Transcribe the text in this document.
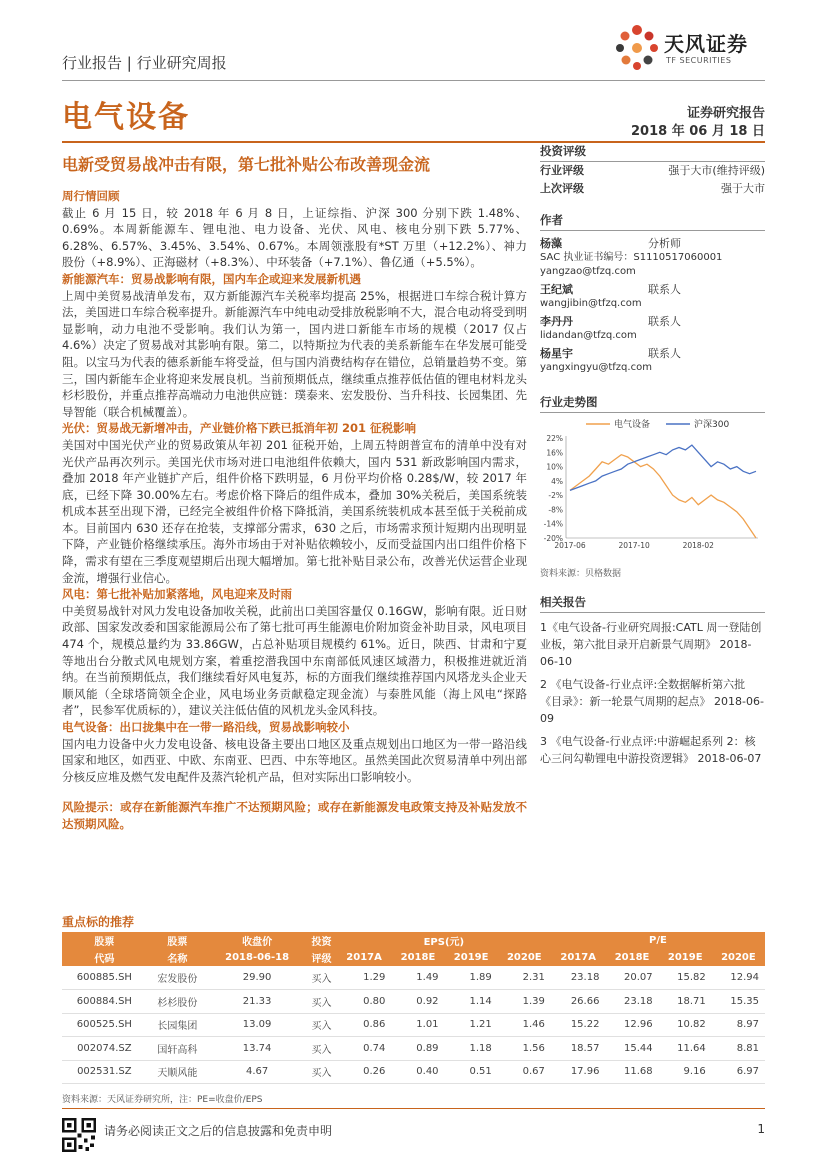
行业报告 | 行业研究周报
天风证券
TF SECURITIES
电气设备	证券研究报告
2018 年 06 月 18 日
电新受贸易战冲击有限，第七批补贴公布改善现金流

周行情回顾

截止 6 月 15 日，较 2018 年 6 月 8 日，上证综指、沪深 300 分别下跌 1.48%、0.69%。本周新能源车、锂电池、电力设备、光伏、风电、核电分别下跌 5.77%、6.28%、6.57%、3.45%、3.54%、0.67%。本周领涨股有*ST 万里（+12.2%）、神力股份（+8.9%）、正海磁材（+8.3%）、中环装备（+7.1%）、鲁亿通（+5.5%）。

新能源汽车：贸易战影响有限，国内车企或迎来发展新机遇

上周中美贸易战清单发布，双方新能源汽车关税率均提高 25%，根据进口车综合税计算方法，美国进口车综合税率提升。新能源汽车中纯电动受排放税影响不大，混合电动将受到明显影响，动力电池不受影响。我们认为第一，国内进口新能车市场的规模（2017 仅占 4.6%）决定了贸易战对其影响有限。第二，以特斯拉为代表的美系新能车在华发展可能受阻。以宝马为代表的德系新能车将受益，但与国内消费结构存在错位，总销量趋势不变。第三，国内新能车企业将迎来发展良机。当前预期低点，继续重点推荐低估值的锂电材料龙头杉杉股份，并重点推荐高端动力电池供应链：璞泰来、宏发股份、当升科技、长园集团、先导智能（联合机械覆盖）。

光伏：贸易战无新增冲击，产业链价格下跌已抵消年初 201 征税影响

美国对中国光伏产业的贸易政策从年初 201 征税开始，上周五特朗普宣布的清单中没有对光伏产品再次列示。美国光伏市场对进口电池组件依赖大，国内 531 新政影响国内需求，叠加 2018 年产业链扩产后，组件价格下跌明显，6 月份平均价格 0.28$/W，较 2017 年底，已经下降 30.00%左右。考虑价格下降后的组件成本，叠加 30%关税后，美国系统装机成本甚至出现下滑，已经完全被组件价格下降抵消，美国系统装机成本甚至低于关税前成本。目前国内 630 还存在抢装，支撑部分需求，630 之后，市场需求预计短期内出现明显下降，产业链价格继续承压。海外市场由于对补贴依赖较小，反而受益国内出口组件价格下降，需求有望在三季度观望期后出现大幅增加。第七批补贴目录公布，改善光伏运营企业现金流，增强行业信心。

风电：第七批补贴加紧落地，风电迎来及时雨

中美贸易战针对风力发电设备加收关税，此前出口美国容量仅 0.16GW，影响有限。近日财政部、国家发改委和国家能源局公布了第七批可再生能源电价附加资金补助目录，风电项目 474 个，规模总量约为 33.86GW，占总补贴项目规模约 61%。近日，陕西、甘肃和宁夏等地出台分散式风电规划方案，着重挖潜我国中东南部低风速区域潜力，积极推进就近消纳。在当前预期低点，我们继续看好风电复苏，标的方面我们继续推荐国内风塔龙头企业天顺风能（全球塔筒领全企业，风电场业务贡献稳定现金流）与泰胜风能（海上风电“探路者”，民参军优质标的），建议关注低估值的风机龙头金风科技。

电气设备：出口拢集中在一带一路沿线，贸易战影响较小

国内电力设备中火力发电设备、核电设备主要出口地区及重点规划出口地区为一带一路沿线国家和地区，如西亚、中欧、东南亚、巴西、中东等地区。虽然美国此次贸易清单中列出部分核反应堆及燃气发电配件及蒸汽轮机产品，但对实际出口影响较小。

风险提示：或存在新能源汽车推广不达预期风险；或存在新能源发电政策支持及补贴发放不达预期风险。

投资评级
行业评级	强于大市(维持评级)
上次评级	强于大市
作者
杨藻	分析师
SAC 执业证书编号：S1110517060001
yangzao@tfzq.com
王纪斌	联系人
wangjibin@tfzq.com
李丹丹	联系人
lidandan@tfzq.com
杨星宇	联系人
yangxingyu@tfzq.com
行业走势图
电气设备	沪深300
22%
16%
10%
4%
-2%
-8%
-14%
-20%
2017-06	2017-10	2018-02
资料来源：贝格数据
相关报告
1《电气设备-行业研究周报:CATL 周一登陆创业板，第六批目录开启新景气周期》 2018-06-10
2 《电气设备-行业点评:全数据解析第六批《目录》：新一轮景气周期的起点》 2018-06-09
3 《电气设备-行业点评:中游崛起系列 2：核心三问勾勒锂电中游投资逻辑》 2018-06-07
重点标的推荐
股票	股票	收盘价	投资	EPS(元)				P/E			
代码	名称	2018-06-18	评级	2017A	2018E	2019E	2020E	2017A	2018E	2019E	2020E
600885.SH	宏发股份	29.90	买入	1.29	1.49	1.89	2.31	23.18	20.07	15.82	12.94
600884.SH	杉杉股份	21.33	买入	0.80	0.92	1.14	1.39	26.66	23.18	18.71	15.35
600525.SH	长园集团	13.09	买入	0.86	1.01	1.21	1.46	15.22	12.96	10.82	8.97
002074.SZ	国轩高科	13.74	买入	0.74	0.89	1.18	1.56	18.57	15.44	11.64	8.81
002531.SZ	天顺风能	4.67	买入	0.26	0.40	0.51	0.67	17.96	11.68	9.16	6.97
资料来源：天风证券研究所，注：PE=收盘价/EPS
请务必阅读正文之后的信息披露和免责申明	1
